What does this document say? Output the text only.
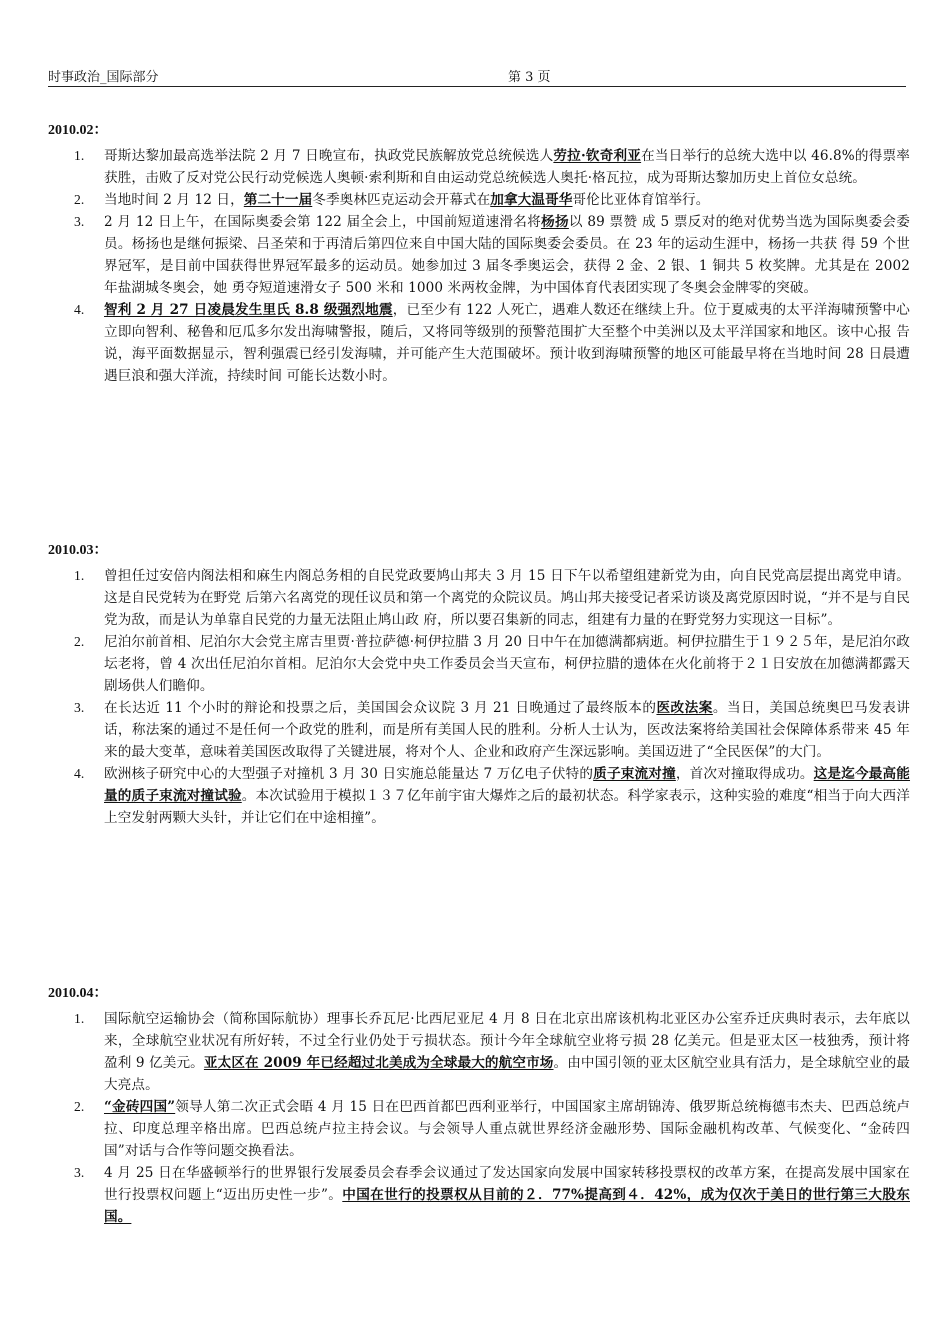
时事政治_国际部分	第 3 页
2010.02：
1. 哥斯达黎加最高选举法院 2 月 7 日晚宣布，执政党民族解放党总统候选人劳拉·钦奇利亚在当日举行的总统大选中以 46.8%的得票率获胜，击败了反对党公民行动党候选人奥顿·索利斯和自由运动党总统候选人奥托·格瓦拉，成为哥斯达黎加历史上首位女总统。
2. 当地时间 2 月 12 日，第二十一届冬季奥林匹克运动会开幕式在加拿大温哥华哥伦比亚体育馆举行。
3. 2 月 12 日上午，在国际奥委会第 122 届全会上，中国前短道速滑名将杨扬以 89 票赞 成 5 票反对的绝对优势当选为国际奥委会委员。杨扬也是继何振梁、吕圣荣和于再清后第四位来自中国大陆的国际奥委会委员。在 23 年的运动生涯中，杨扬一共获 得 59 个世界冠军，是目前中国获得世界冠军最多的运动员。她参加过 3 届冬季奥运会，获得 2 金、2 银、1 铜共 5 枚奖牌。尤其是在 2002 年盐湖城冬奥会，她 勇夺短道速滑女子 500 米和 1000 米两枚金牌，为中国体育代表团实现了冬奥会金牌零的突破。
4. 智利 2 月 27 日凌晨发生里氏 8.8 级强烈地震，已至少有 122 人死亡，遇难人数还在继续上升。位于夏威夷的太平洋海啸预警中心立即向智利、秘鲁和厄瓜多尔发出海啸警报，随后，又将同等级别的预警范围扩大至整个中美洲以及太平洋国家和地区。该中心报 告说，海平面数据显示，智利强震已经引发海啸，并可能产生大范围破坏。预计收到海啸预警的地区可能最早将在当地时间 28 日晨遭遇巨浪和强大洋流，持续时间 可能长达数小时。
2010.03：
1. 曾担任过安倍内阁法相和麻生内阁总务相的自民党政要鸠山邦夫 3 月 15 日下午以希望组建新党为由，向自民党高层提出离党申请。这是自民党转为在野党 后第六名离党的现任议员和第一个离党的众院议员。鸠山邦夫接受记者采访谈及离党原因时说，“并不是与自民党为敌，而是认为单靠自民党的力量无法阻止鸠山政 府，所以要召集新的同志，组建有力量的在野党努力实现这一目标”。
2. 尼泊尔前首相、尼泊尔大会党主席吉里贾·普拉萨德·柯伊拉腊 3 月 20 日中午在加德满都病逝。柯伊拉腊生于１９２５年，是尼泊尔政坛老将，曾 4 次出任尼泊尔首相。尼泊尔大会党中央工作委员会当天宣布，柯伊拉腊的遗体在火化前将于２１日安放在加德满都露天剧场供人们瞻仰。
3. 在长达近 11 个小时的辩论和投票之后，美国国会众议院 3 月 21 日晚通过了最终版本的医改法案。当日，美国总统奥巴马发表讲话，称法案的通过不是任何一个政党的胜利，而是所有美国人民的胜利。分析人士认为，医改法案将给美国社会保障体系带来 45 年来的最大变革，意味着美国医改取得了关键进展，将对个人、企业和政府产生深远影响。美国迈进了“全民医保”的大门。
4. 欧洲核子研究中心的大型强子对撞机 3 月 30 日实施总能量达 7 万亿电子伏特的质子束流对撞，首次对撞取得成功。这是迄今最高能量的质子束流对撞试验。本次试验用于模拟１３７亿年前宇宙大爆炸之后的最初状态。科学家表示，这种实验的难度“相当于向大西洋上空发射两颗大头针，并让它们在中途相撞”。
2010.04：
1. 国际航空运输协会（简称国际航协）理事长乔瓦尼·比西尼亚尼 4 月 8 日在北京出席该机构北亚区办公室乔迁庆典时表示，去年底以来，全球航空业状况有所好转，不过全行业仍处于亏损状态。预计今年全球航空业将亏损 28 亿美元。但是亚太区一枝独秀，预计将盈利 9 亿美元。亚太区在 2009 年已经超过北美成为全球最大的航空市场。由中国引领的亚太区航空业具有活力，是全球航空业的最大亮点。
2. “金砖四国”领导人第二次正式会晤 4 月 15 日在巴西首都巴西利亚举行，中国国家主席胡锦涛、俄罗斯总统梅德韦杰夫、巴西总统卢拉、印度总理辛格出席。巴西总统卢拉主持会议。与会领导人重点就世界经济金融形势、国际金融机构改革、气候变化、“金砖四国”对话与合作等问题交换看法。
3. 4 月 25 日在华盛顿举行的世界银行发展委员会春季会议通过了发达国家向发展中国家转移投票权的改革方案，在提高发展中国家在世行投票权问题上“迈出历史性一步”。中国在世行的投票权从目前的２．77%提高到４．42%，成为仅次于美日的世行第三大股东国。
